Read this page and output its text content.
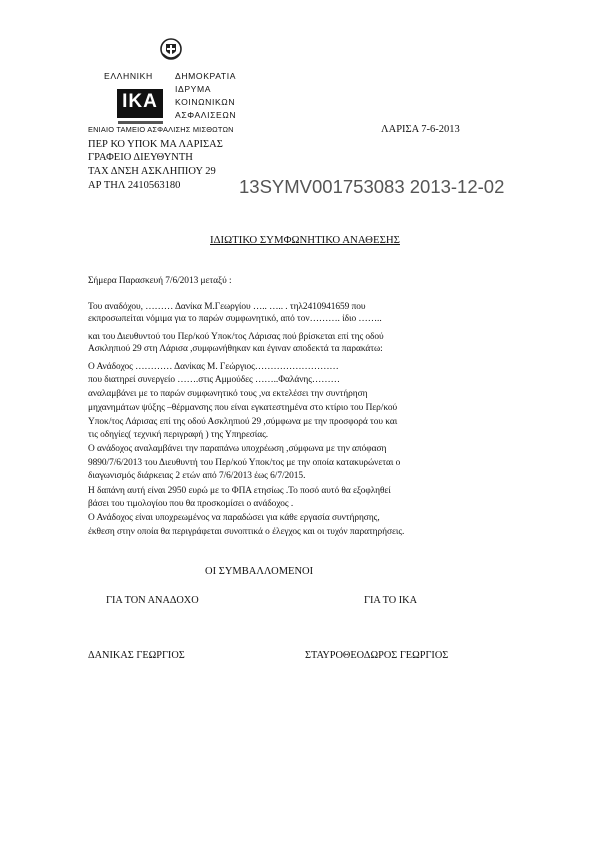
ΕΛΛΗΝΙΚΗ	ΔΗΜΟΚΡΑΤΙΑ
ΙΔΡΥΜΑ
ΚΟΙΝΩΝΙΚΩΝ
ΑΣΦΑΛΙΣΕΩΝ
ΙΚΑ
ΕΝΙΑΙΟ ΤΑΜΕΙΟ ΑΣΦΑΛΙΣΗΣ ΜΙΣΘΩΤΩΝ	ΛΑΡΙΣΑ 7-6-2013
ΠΕΡ ΚΟ ΥΠΟΚ ΜΑ ΛΑΡΙΣΑΣ
ΓΡΑΦΕΙΟ ΔΙΕΥΘΥΝΤΗ
ΤΑΧ ΔΝΣΗ ΑΣΚΛΗΠΙΟΥ 29
ΑΡ ΤΗΛ 2410563180	13SYMV001753083 2013-12-02
ΙΔΙΩΤΙΚΟ ΣΥΜΦΩΝΗΤΙΚΟ ΑΝΑΘΕΣΗΣ
Σήμερα Παρασκευή 7/6/2013 μεταξύ :
Του αναδόχου, ……… Δανίκα Μ.Γεωργίου ….. ….. . τηλ2410941659 που
εκπροσωπείται νόμιμα για το παρών συμφωνητικό, από τον………. ίδιο ……..
και του Διευθυντού του Περ/κού Υποκ/τος Λάρισας πού βρίσκεται επί της οδού
Ασκληπιού 29 στη Λάρισα ,συμφωνήθηκαν και έγιναν αποδεκτά τα παρακάτω:
Ο Ανάδοχος ………… Δανίκας Μ. Γεώργιος………………………
που διατηρεί συνεργείο …….στις Αμμούδες ……..Φαλάνης………
αναλαμβάνει με το παρών συμφωνητικό τους ,να εκτελέσει την συντήρηση
μηχανημάτων ψύξης –θέρμανσης που είναι εγκατεστημένα στο κτίριο του Περ/κού
Υποκ/τος Λάρισας επί της οδού Ασκληπιού 29 ,σύμφωνα με την προσφορά του και
τις οδηγίες( τεχνική περιγραφή ) της Υπηρεσίας.
Ο ανάδοχος αναλαμβάνει την παραπάνω υποχρέωση ,σύμφωνα με την απόφαση
9890/7/6/2013 του Διευθυντή του Περ/κού Υποκ/τος με την οποία κατακυρώνεται ο
διαγωνισμός διάρκειας 2 ετών από 7/6/2013 έως 6/7/2015.
Η δαπάνη αυτή είναι 2950 ευρώ με το ΦΠΑ ετησίως .Το ποσό αυτό θα εξοφληθεί
βάσει του τιμολογίου που θα προσκομίσει ο ανάδοχος .
Ο Ανάδοχος είναι υποχρεωμένος να παραδώσει για κάθε εργασία συντήρησης,
έκθεση στην οποία θα περιγράφεται συνοπτικά ο έλεγχος και οι τυχόν παρατηρήσεις.
ΟΙ ΣΥΜΒΑΛΛΟΜΕΝΟΙ
ΓΙΑ ΤΟΝ ΑΝΑΔΟΧΟ	ΓΙΑ ΤΟ ΙΚΑ
ΔΑΝΙΚΑΣ ΓΕΩΡΓΙΟΣ	ΣΤΑΥΡΟΘΕΟΔΩΡΟΣ ΓΕΩΡΓΙΟΣ
